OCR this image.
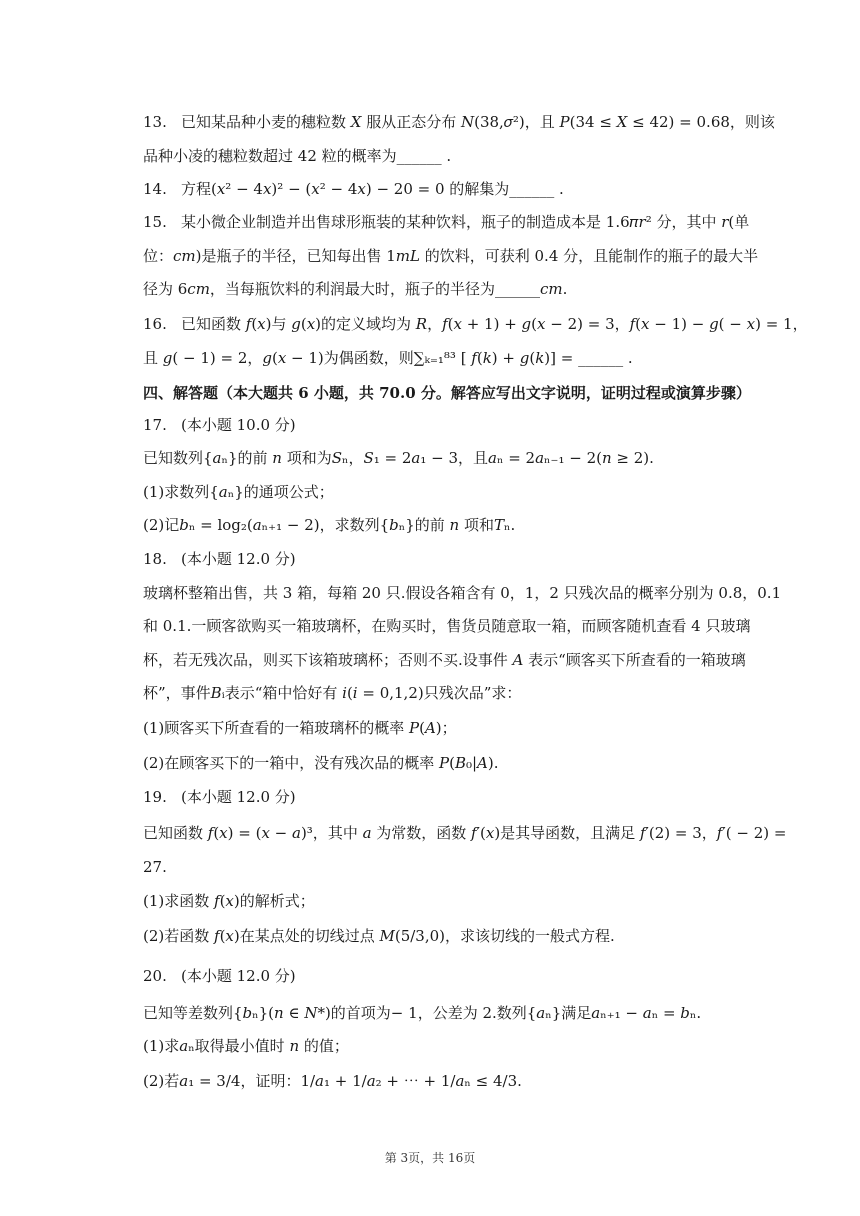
13. 已知某品种小麦的穗粒数 𝑋 服从正态分布 𝑁(38,𝜎²)，且 𝑃(34 ≤ 𝑋 ≤ 42) = 0.68，则该
品种小凌的穗粒数超过 42 粒的概率为______ .
14. 方程(𝑥² − 4𝑥)² − (𝑥² − 4𝑥) − 20 = 0 的解集为______ .
15. 某小微企业制造并出售球形瓶装的某种饮料，瓶子的制造成本是 1.6𝜋𝑟² 分，其中 𝑟(单
位：𝑐𝑚)是瓶子的半径，已知每出售 1𝑚𝐿 的饮料，可获利 0.4 分，且能制作的瓶子的最大半
径为 6𝑐𝑚，当每瓶饮料的利润最大时，瓶子的半径为______𝑐𝑚.
16. 已知函数 𝑓(𝑥)与 𝑔(𝑥)的定义域均为 𝑅，𝑓(𝑥 + 1) + 𝑔(𝑥 − 2) = 3，𝑓(𝑥 − 1) − 𝑔( − 𝑥) = 1，
且 𝑔( − 1) = 2，𝑔(𝑥 − 1)为偶函数，则∑ₖ₌₁⁸³ [ 𝑓(𝑘) + 𝑔(𝑘)] = ______ .
四、解答题（本大题共 6 小题，共 70.0 分。解答应写出文字说明，证明过程或演算步骤）
17. (本小题 10.0 分)
已知数列{𝑎ₙ}的前 𝑛 项和为𝑆ₙ，𝑆₁ = 2𝑎₁ − 3，且𝑎ₙ = 2𝑎ₙ₋₁ − 2(𝑛 ≥ 2).
(1)求数列{𝑎ₙ}的通项公式；
(2)记𝑏ₙ = log₂(𝑎ₙ₊₁ − 2)，求数列{𝑏ₙ}的前 𝑛 项和𝑇ₙ.
18. (本小题 12.0 分)
玻璃杯整箱出售，共 3 箱，每箱 20 只.假设各箱含有 0，1，2 只残次品的概率分别为 0.8，0.1
和 0.1.一顾客欲购买一箱玻璃杯，在购买时，售货员随意取一箱，而顾客随机查看 4 只玻璃
杯，若无残次品，则买下该箱玻璃杯；否则不买.设事件 𝐴 表示“顾客买下所查看的一箱玻璃
杯”，事件𝐵ᵢ表示“箱中恰好有 𝑖(𝑖 = 0,1,2)只残次品”求：
(1)顾客买下所查看的一箱玻璃杯的概率 𝑃(𝐴)；
(2)在顾客买下的一箱中，没有残次品的概率 𝑃(𝐵₀|𝐴).
19. (本小题 12.0 分)
已知函数 𝑓(𝑥) = (𝑥 − 𝑎)³，其中 𝑎 为常数，函数 𝑓′(𝑥)是其导函数，且满足 𝑓′(2) = 3，𝑓′( − 2) =
27.
(1)求函数 𝑓(𝑥)的解析式；
(2)若函数 𝑓(𝑥)在某点处的切线过点 𝑀(5/3,0)，求该切线的一般式方程.
20. (本小题 12.0 分)
已知等差数列{𝑏ₙ}(𝑛 ∈ 𝑁*)的首项为− 1，公差为 2.数列{𝑎ₙ}满足𝑎ₙ₊₁ − 𝑎ₙ = 𝑏ₙ.
(1)求𝑎ₙ取得最小值时 𝑛 的值；
(2)若𝑎₁ = 3/4，证明：1/𝑎₁ + 1/𝑎₂ + ⋯ + 1/𝑎ₙ ≤ 4/3.
第 3页，共 16页
